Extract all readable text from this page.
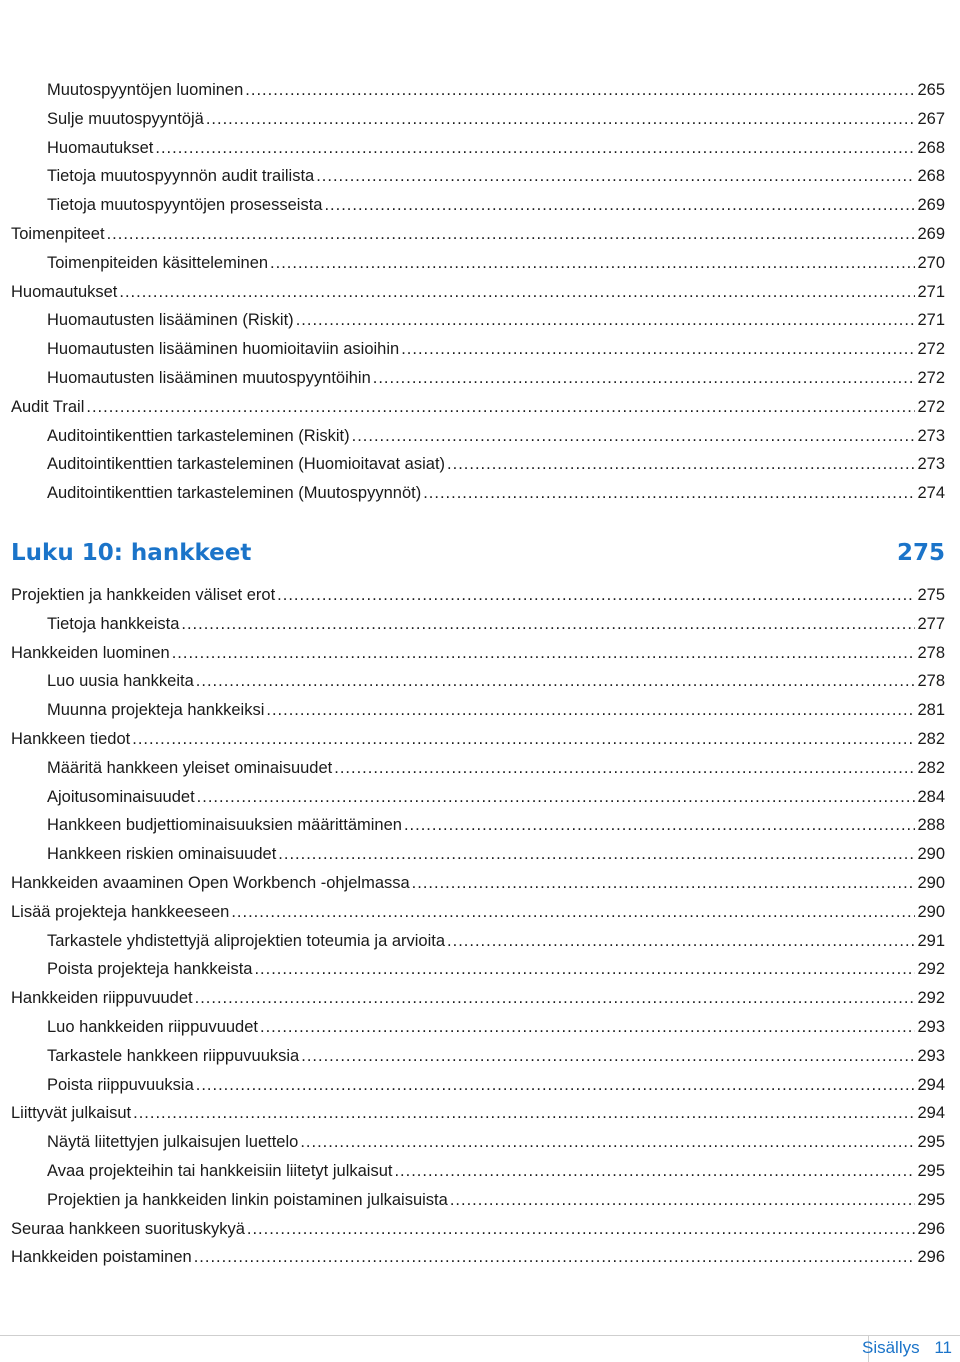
Muutospyyntöjen luominen .....	265
Sulje muutospyyntöjä .....	267
Huomautukset .....	268
Tietoja muutospyynnön audit trailista .....	268
Tietoja muutospyyntöjen prosesseista .....	269
Toimenpiteet .....	269
Toimenpiteiden käsitteleminen .....	270
Huomautukset .....	271
Huomautusten lisääminen (Riskit) .....	271
Huomautusten lisääminen huomioitaviin asioihin .....	272
Huomautusten lisääminen muutospyyntöihin .....	272
Audit Trail .....	272
Auditointikenttien tarkasteleminen (Riskit) .....	273
Auditointikenttien tarkasteleminen (Huomioitavat asiat) .....	273
Auditointikenttien tarkasteleminen (Muutospyynnöt) .....	274
Luku 10: hankkeet	275
Projektien ja hankkeiden väliset erot .....	275
Tietoja hankkeista .....	277
Hankkeiden luominen .....	278
Luo uusia hankkeita .....	278
Muunna projekteja hankkeiksi .....	281
Hankkeen tiedot .....	282
Määritä hankkeen yleiset ominaisuudet .....	282
Ajoitusominaisuudet .....	284
Hankkeen budjettiominaisuuksien määrittäminen .....	288
Hankkeen riskien ominaisuudet .....	290
Hankkeiden avaaminen Open Workbench -ohjelmassa .....	290
Lisää projekteja hankkeeseen .....	290
Tarkastele yhdistettyjä aliprojektien toteumia ja arvioita .....	291
Poista projekteja hankkeista .....	292
Hankkeiden riippuvuudet .....	292
Luo hankkeiden riippuvuudet .....	293
Tarkastele hankkeen riippuvuuksia .....	293
Poista riippuvuuksia .....	294
Liittyvät julkaisut .....	294
Näytä liitettyjen julkaisujen luettelo .....	295
Avaa projekteihin tai hankkeisiin liitetyt julkaisut .....	295
Projektien ja hankkeiden linkin poistaminen julkaisuista .....	295
Seuraa hankkeen suorituskykyä .....	296
Hankkeiden poistaminen .....	296
Sisällys 11
